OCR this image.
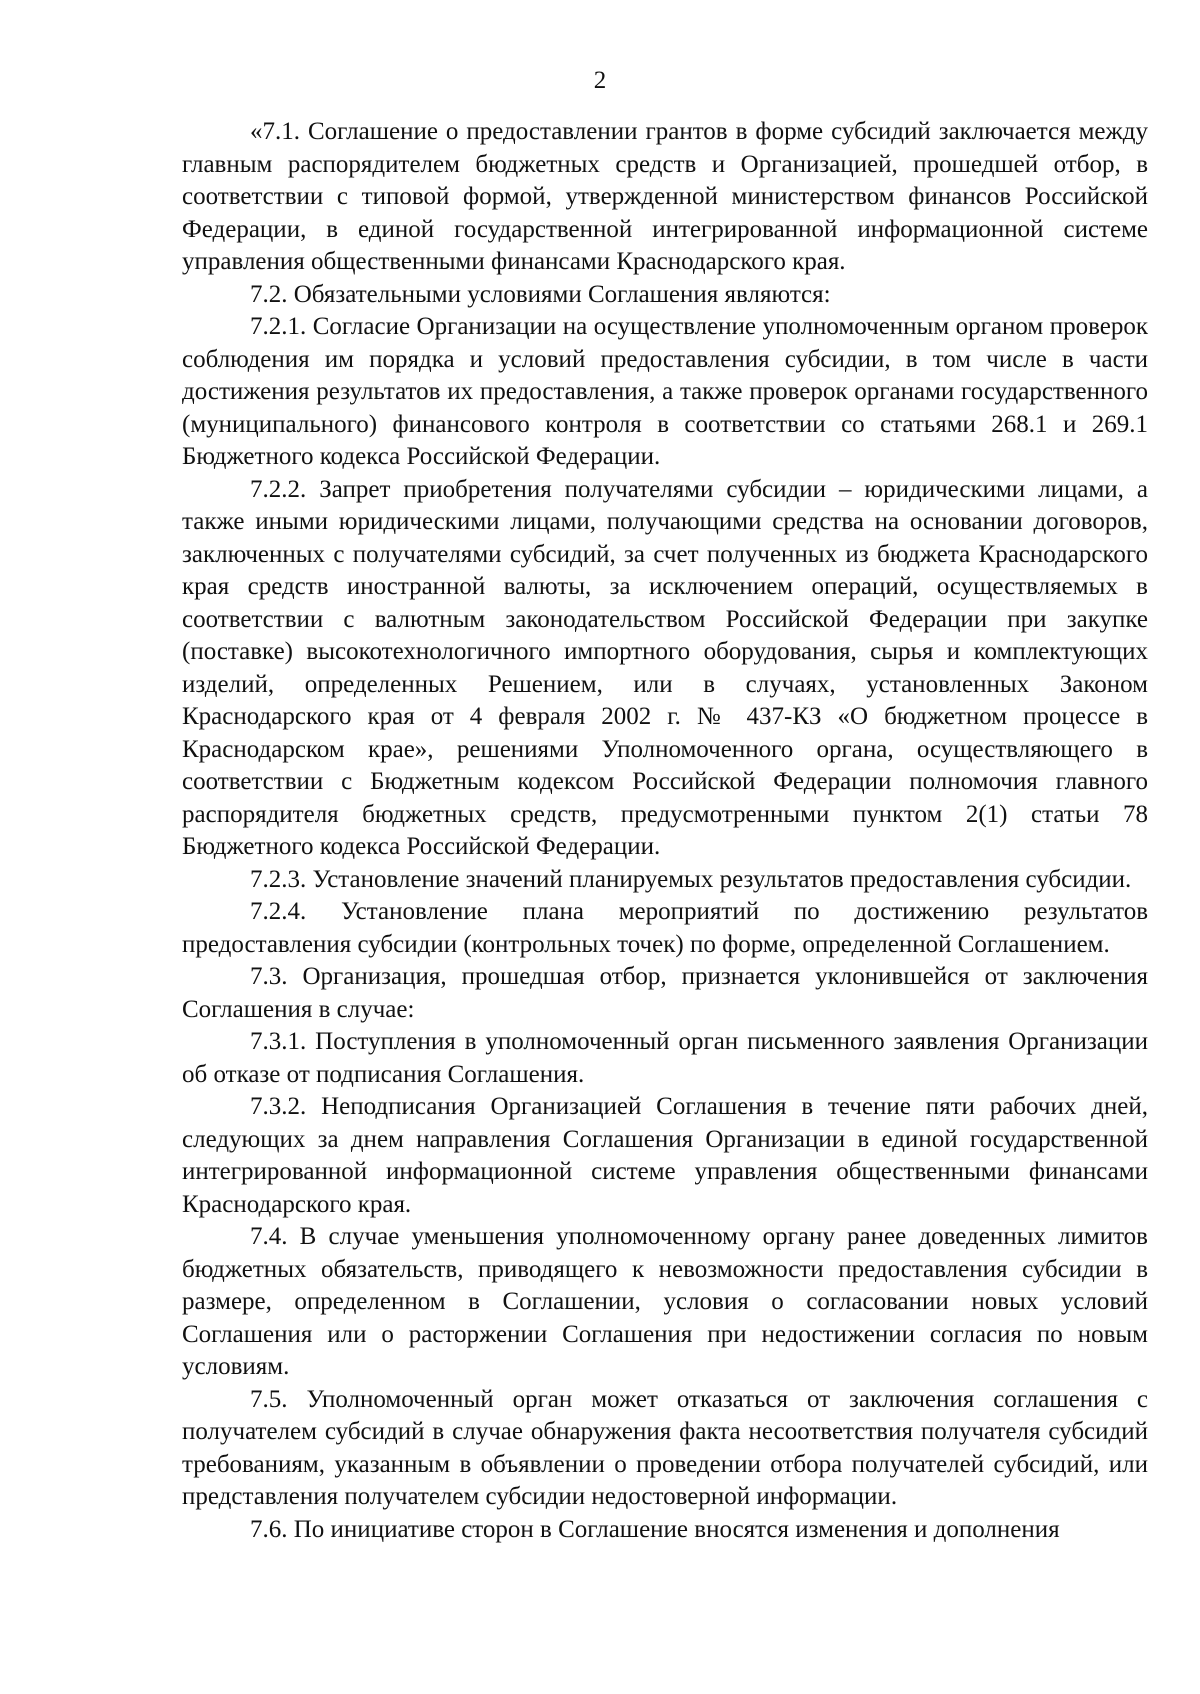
2

«7.1. Соглашение о предоставлении грантов в форме субсидий заключается между главным распорядителем бюджетных средств и Организацией, прошедшей отбор, в соответствии с типовой формой, утвержденной министерством финансов Российской Федерации, в единой государственной интегрированной информационной системе управления общественными финансами Краснодарского края.

7.2. Обязательными условиями Соглашения являются:

7.2.1. Согласие Организации на осуществление уполномоченным органом проверок соблюдения им порядка и условий предоставления субсидии, в том числе в части достижения результатов их предоставления, а также проверок органами государственного (муниципального) финансового контроля в соответствии со статьями 268.1 и 269.1 Бюджетного кодекса Российской Федерации.

7.2.2. Запрет приобретения получателями субсидии – юридическими лицами, а также иными юридическими лицами, получающими средства на основании договоров, заключенных с получателями субсидий, за счет полученных из бюджета Краснодарского края средств иностранной валюты, за исключением операций, осуществляемых в соответствии с валютным законодательством Российской Федерации при закупке (поставке) высокотехнологичного импортного оборудования, сырья и комплектующих изделий, определенных Решением, или в случаях, установленных Законом Краснодарского края от 4 февраля 2002 г. № 437-КЗ «О бюджетном процессе в Краснодарском крае», решениями Уполномоченного органа, осуществляющего в соответствии с Бюджетным кодексом Российской Федерации полномочия главного распорядителя бюджетных средств, предусмотренными пунктом 2(1) статьи 78 Бюджетного кодекса Российской Федерации.

7.2.3. Установление значений планируемых результатов предоставления субсидии.

7.2.4. Установление плана мероприятий по достижению результатов предоставления субсидии (контрольных точек) по форме, определенной Соглашением.

7.3. Организация, прошедшая отбор, признается уклонившейся от заключения Соглашения в случае:

7.3.1. Поступления в уполномоченный орган письменного заявления Организации об отказе от подписания Соглашения.

7.3.2. Неподписания Организацией Соглашения в течение пяти рабочих дней, следующих за днем направления Соглашения Организации в единой государственной интегрированной информационной системе управления общественными финансами Краснодарского края.

7.4. В случае уменьшения уполномоченному органу ранее доведенных лимитов бюджетных обязательств, приводящего к невозможности предоставления субсидии в размере, определенном в Соглашении, условия о согласовании новых условий Соглашения или о расторжении Соглашения при недостижении согласия по новым условиям.

7.5. Уполномоченный орган может отказаться от заключения соглашения с получателем субсидий в случае обнаружения факта несоответствия получателя субсидий требованиям, указанным в объявлении о проведении отбора получателей субсидий, или представления получателем субсидии недостоверной информации.

7.6. По инициативе сторон в Соглашение вносятся изменения и дополнения
